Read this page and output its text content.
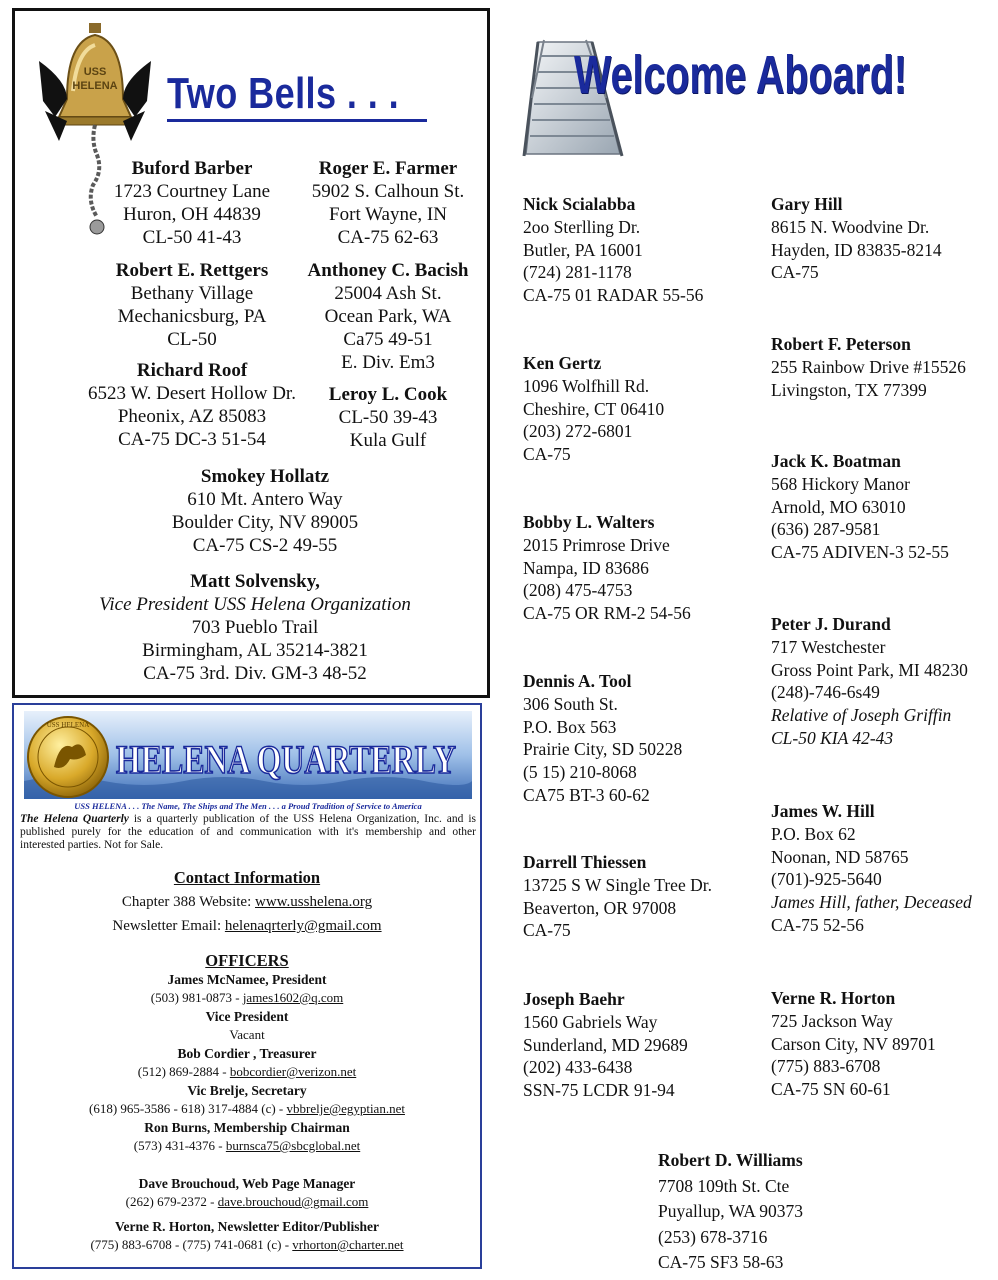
USS
HELENA Two Bells . . .
Buford Barber
1723 Courtney Lane
Huron, OH 44839
CL-50 41-43
Roger E. Farmer
5902 S. Calhoun St.
Fort Wayne, IN
CA-75 62-63
Robert E. Rettgers
Bethany Village
Mechanicsburg, PA
CL-50
Anthoney C. Bacish
25004 Ash St.
Ocean Park, WA
Ca75 49-51
E. Div. Em3
Richard Roof
6523 W. Desert Hollow Dr.
Pheonix, AZ 85083
CA-75 DC-3 51-54
Leroy L. Cook
CL-50 39-43
Kula Gulf
Smokey Hollatz
610 Mt. Antero Way
Boulder City, NV 89005
CA-75 CS-2 49-55
Matt Solvensky,
Vice President USS Helena Organization
703 Pueblo Trail
Birmingham, AL 35214-3821
CA-75 3rd. Div. GM-3 48-52
USS HELENA
HELENA QUARTERLY
USS HELENA . . . The Name, The Ships and The Men . . . a Proud Tradition of Service to America
The Helena Quarterly is a quarterly publication of the USS Helena Organization, Inc. and is published purely for the education of and communication with it's membership and other interested parties. Not for Sale.
Contact Information
Chapter 388 Website: www.usshelena.org
Newsletter Email: helenaqrterly@gmail.com
OFFICERS
James McNamee, President
(503) 981-0873 - james1602@q.com
Vice President
Vacant
Bob Cordier , Treasurer
(512) 869-2884 - bobcordier@verizon.net
Vic Brelje, Secretary
(618) 965-3586 - 618) 317-4884 (c) - vbbrelje@egyptian.net
Ron Burns, Membership Chairman
(573) 431-4376 - burnsca75@sbcglobal.net
Dave Brouchoud, Web Page Manager
(262) 679-2372 - dave.brouchoud@gmail.com
Verne R. Horton, Newsletter Editor/Publisher
(775) 883-6708 - (775) 741-0681 (c) - vrhorton@charter.net
Welcome Aboard!
Nick Scialabba
2oo Sterlling Dr.
Butler, PA 16001
(724) 281-1178
CA-75 01 RADAR 55-56
Ken Gertz
1096 Wolfhill Rd.
Cheshire, CT 06410
(203) 272-6801
CA-75
Bobby L. Walters
2015 Primrose Drive
Nampa, ID 83686
(208) 475-4753
CA-75 OR RM-2 54-56
Dennis A. Tool
306 South St.
P.O. Box 563
Prairie City, SD 50228
(5 15) 210-8068
CA75 BT-3 60-62
Darrell Thiessen
13725 S W Single Tree Dr.
Beaverton, OR 97008
CA-75
Joseph Baehr
1560 Gabriels Way
Sunderland, MD 29689
(202) 433-6438
SSN-75 LCDR 91-94
Gary Hill
8615 N. Woodvine Dr.
Hayden, ID 83835-8214
CA-75
Robert F. Peterson
255 Rainbow Drive #15526
Livingston, TX 77399
Jack K. Boatman
568 Hickory Manor
Arnold, MO 63010
(636) 287-9581
CA-75 ADIVEN-3 52-55
Peter J. Durand
717 Westchester
Gross Point Park, MI 48230
(248)-746-6s49
Relative of Joseph Griffin
CL-50 KIA 42-43
James W. Hill
P.O. Box 62
Noonan, ND 58765
(701)-925-5640
James Hill, father, Deceased
CA-75 52-56
Verne R. Horton
725 Jackson Way
Carson City, NV 89701
(775) 883-6708
CA-75 SN 60-61
Robert D. Williams
7708 109th St. Cte
Puyallup, WA 90373
(253) 678-3716
CA-75 SF3 58-63
